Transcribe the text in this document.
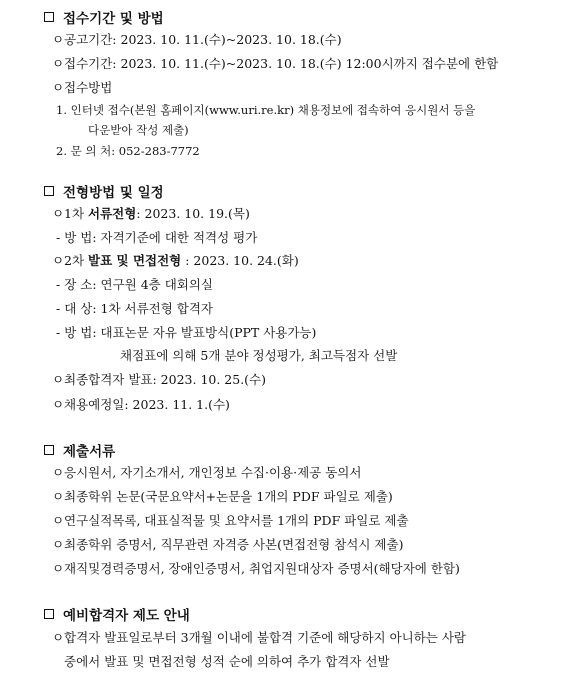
접수기간 및 방법
ㅇ공고기간: 2023. 10. 11.(수)~2023. 10. 18.(수)
ㅇ접수기간: 2023. 10. 11.(수)~2023. 10. 18.(수) 12:00시까지 접수분에 한함
ㅇ접수방법
1. 인터넷 접수(본원 홈페이지(www.uri.re.kr) 채용정보에 접속하여 응시원서 등을
다운받아 작성 제출)
2. 문 의 처: 052-283-7772
전형방법 및 일정
ㅇ1차 서류전형: 2023. 10. 19.(목)
- 방 법: 자격기준에 대한 적격성 평가
ㅇ2차 발표 및 면접전형 : 2023. 10. 24.(화)
- 장 소: 연구원 4층 대회의실
- 대 상: 1차 서류전형 합격자
- 방 법: 대표논문 자유 발표방식(PPT 사용가능)
채점표에 의해 5개 분야 정성평가, 최고득점자 선발
ㅇ최종합격자 발표: 2023. 10. 25.(수)
ㅇ채용예정일: 2023. 11. 1.(수)
제출서류
ㅇ응시원서, 자기소개서, 개인정보 수집·이용·제공 동의서
ㅇ최종학위 논문(국문요약서+논문을 1개의 PDF 파일로 제출)
ㅇ연구실적목록, 대표실적물 및 요약서를 1개의 PDF 파일로 제출
ㅇ최종학위 증명서, 직무관련 자격증 사본(면접전형 참석시 제출)
ㅇ재직및경력증명서, 장애인증명서, 취업지원대상자 증명서(해당자에 한함)
예비합격자 제도 안내
ㅇ합격자 발표일로부터 3개월 이내에 불합격 기준에 해당하지 아니하는 사람
중에서 발표 및 면접전형 성적 순에 의하여 추가 합격자 선발
